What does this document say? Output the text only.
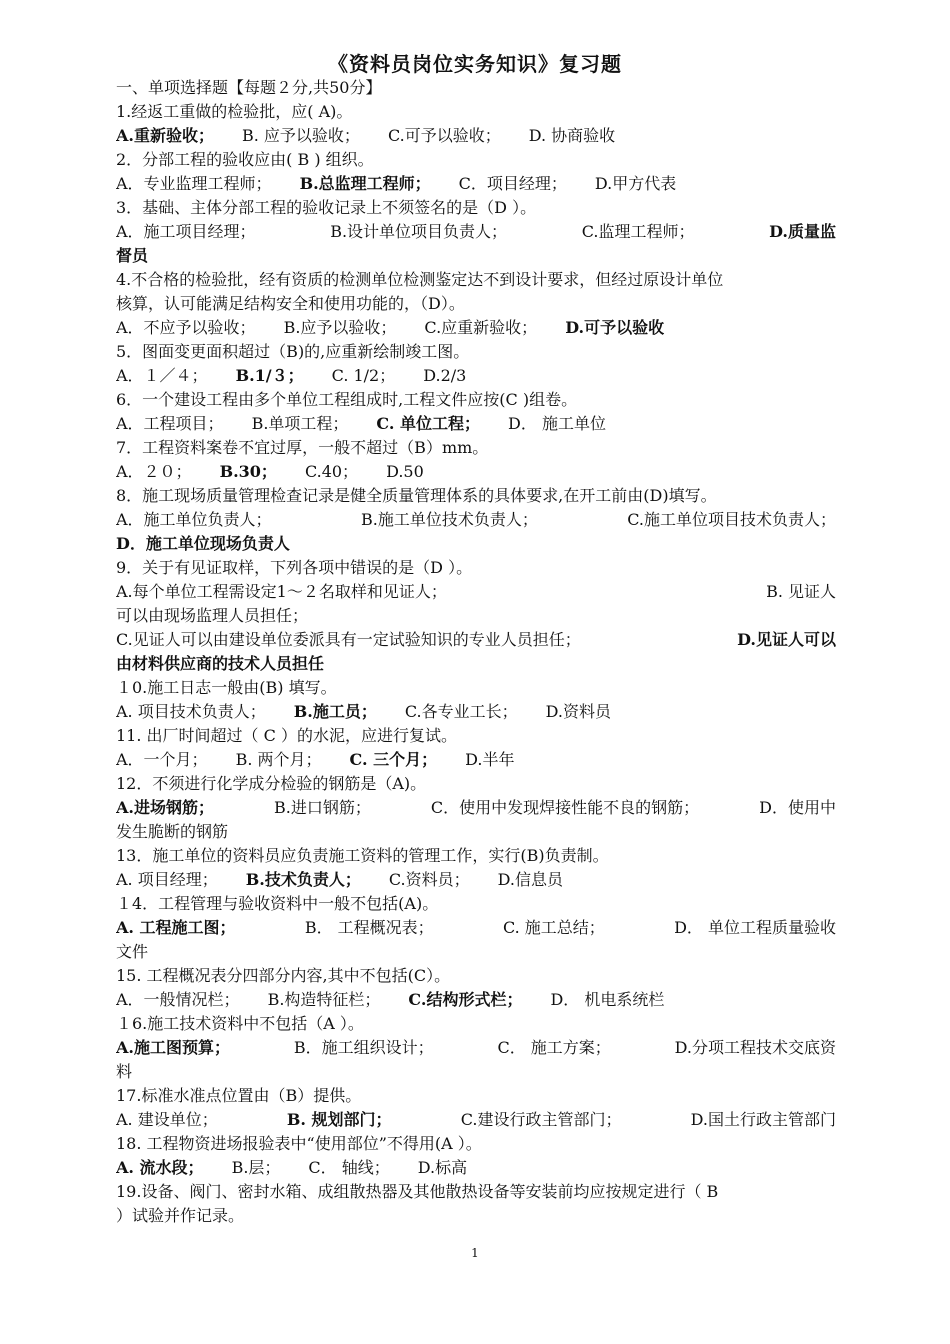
《资料员岗位实务知识》复习题
一、单项选择题【每题２分,共50分】
1.经返工重做的检验批，应( A)。
A.重新验收； B. 应予以验收； C.可予以验收； D. 协商验收
2．分部工程的验收应由( B ) 组织。
A．专业监理工程师； B.总监理工程师； C．项目经理； D.甲方代表
3．基础、主体分部工程的验收记录上不须签名的是（D ）。
A．施工项目经理；	B.设计单位项目负责人；	C.监理工程师；	D.质量监
督员
4.不合格的检验批，经有资质的检测单位检测鉴定达不到设计要求，但经过原设计单位
核算，认可能满足结构安全和使用功能的，（D）。
A．不应予以验收； B.应予以验收； C.应重新验收； D.可予以验收
5．图面变更面积超过（B)的,应重新绘制竣工图。
A．１／４； B.1/３； C. 1/2； D.2/3
6．一个建设工程由多个单位工程组成时,工程文件应按(C )组卷。
A．工程项目； B.单项工程； C. 单位工程； D． 施工单位
7．工程资料案卷不宜过厚，一般不超过（B）mm。
A．２０； B.30； C.40； D.50
8．施工现场质量管理检查记录是健全质量管理体系的具体要求,在开工前由(D)填写。
A．施工单位负责人；	B.施工单位技术负责人；	C.施工单位项目技术负责人；
D．施工单位现场负责人
9．关于有见证取样，下列各项中错误的是（D ）。
A.每个单位工程需设定1～２名取样和见证人；	B. 见证人
可以由现场监理人员担任；
C.见证人可以由建设单位委派具有一定试验知识的专业人员担任；	D.见证人可以
由材料供应商的技术人员担任
１0.施工日志一般由(B) 填写。
A. 项目技术负责人； B.施工员； C.各专业工长； D.资料员
11. 出厂时间超过（ C ）的水泥，应进行复试。
A．一个月； B. 两个月； C. 三个月； D.半年
12．不须进行化学成分检验的钢筋是（A)。
A.进场钢筋；	B.进口钢筋；	C．使用中发现焊接性能不良的钢筋；	D．使用中
发生脆断的钢筋
13．施工单位的资料员应负责施工资料的管理工作，实行(B)负责制。
A. 项目经理； B.技术负责人； C.资料员； D.信息员
１4．工程管理与验收资料中一般不包括(A)。
A. 工程施工图；	B． 工程概况表；	C. 施工总结；	D． 单位工程质量验收
文件
15. 工程概况表分四部分内容,其中不包括(C）。
A．一般情况栏； B.构造特征栏； C.结构形式栏； D． 机电系统栏
１6.施工技术资料中不包括（A ）。
A.施工图预算；	B．施工组织设计；	C． 施工方案；	D.分项工程技术交底资
料
17.标准水准点位置由（B）提供。
A. 建设单位；	B. 规划部门；	C.建设行政主管部门；	D.国土行政主管部门
18. 工程物资进场报验表中“使用部位”不得用(A ）。
A. 流水段； B.层； C． 轴线； D.标高
19.设备、阀门、密封水箱、成组散热器及其他散热设备等安装前均应按规定进行（ B
）试验并作记录。
1
